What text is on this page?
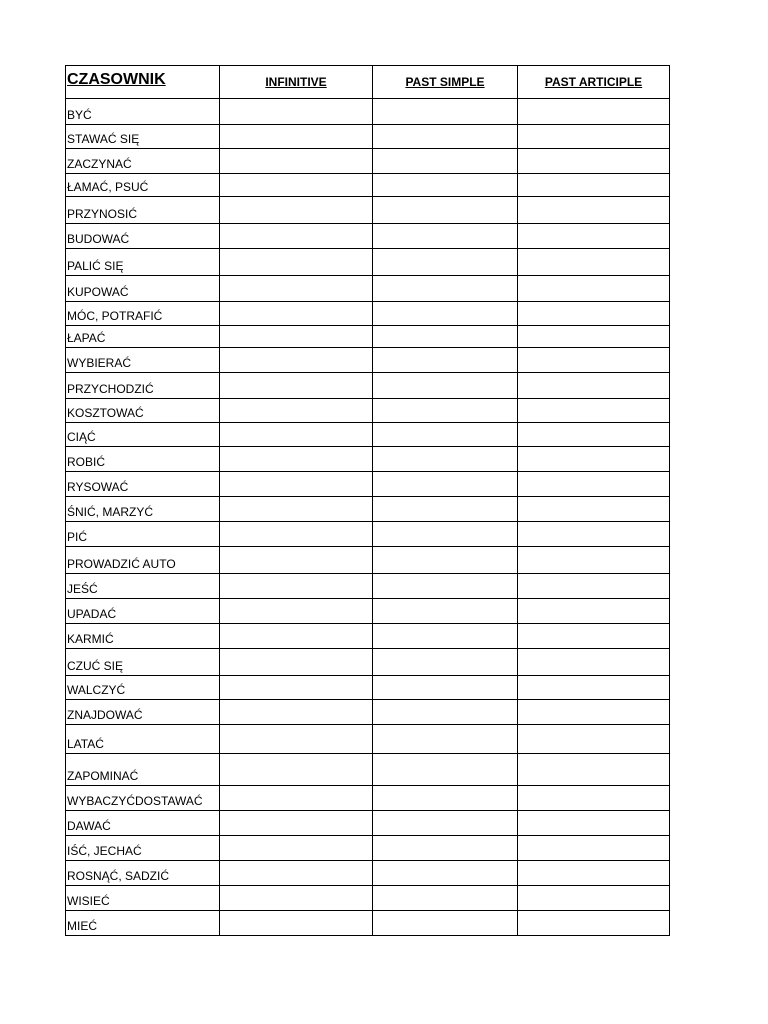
CZASOWNIK	INFINITIVE	PAST SIMPLE	PAST ARTICIPLE
BYĆ			
STAWAĆ SIĘ			
ZACZYNAĆ			
ŁAMAĆ, PSUĆ			
PRZYNOSIĆ			
BUDOWAĆ			
PALIĆ SIĘ			
KUPOWAĆ			
MÓC, POTRAFIĆ			
ŁAPAĆ			
WYBIERAĆ			
PRZYCHODZIĆ			
KOSZTOWAĆ			
CIĄĆ			
ROBIĆ			
RYSOWAĆ			
ŚNIĆ, MARZYĆ			
PIĆ			
PROWADZIĆ AUTO			
JEŚĆ			
UPADAĆ			
KARMIĆ			
CZUĆ SIĘ			
WALCZYĆ			
ZNAJDOWAĆ			
LATAĆ			
ZAPOMINAĆ			
WYBACZYĆDOSTAWAĆ			
DAWAĆ			
IŚĆ, JECHAĆ			
ROSNĄĆ, SADZIĆ			
WISIEĆ			
MIEĆ			
